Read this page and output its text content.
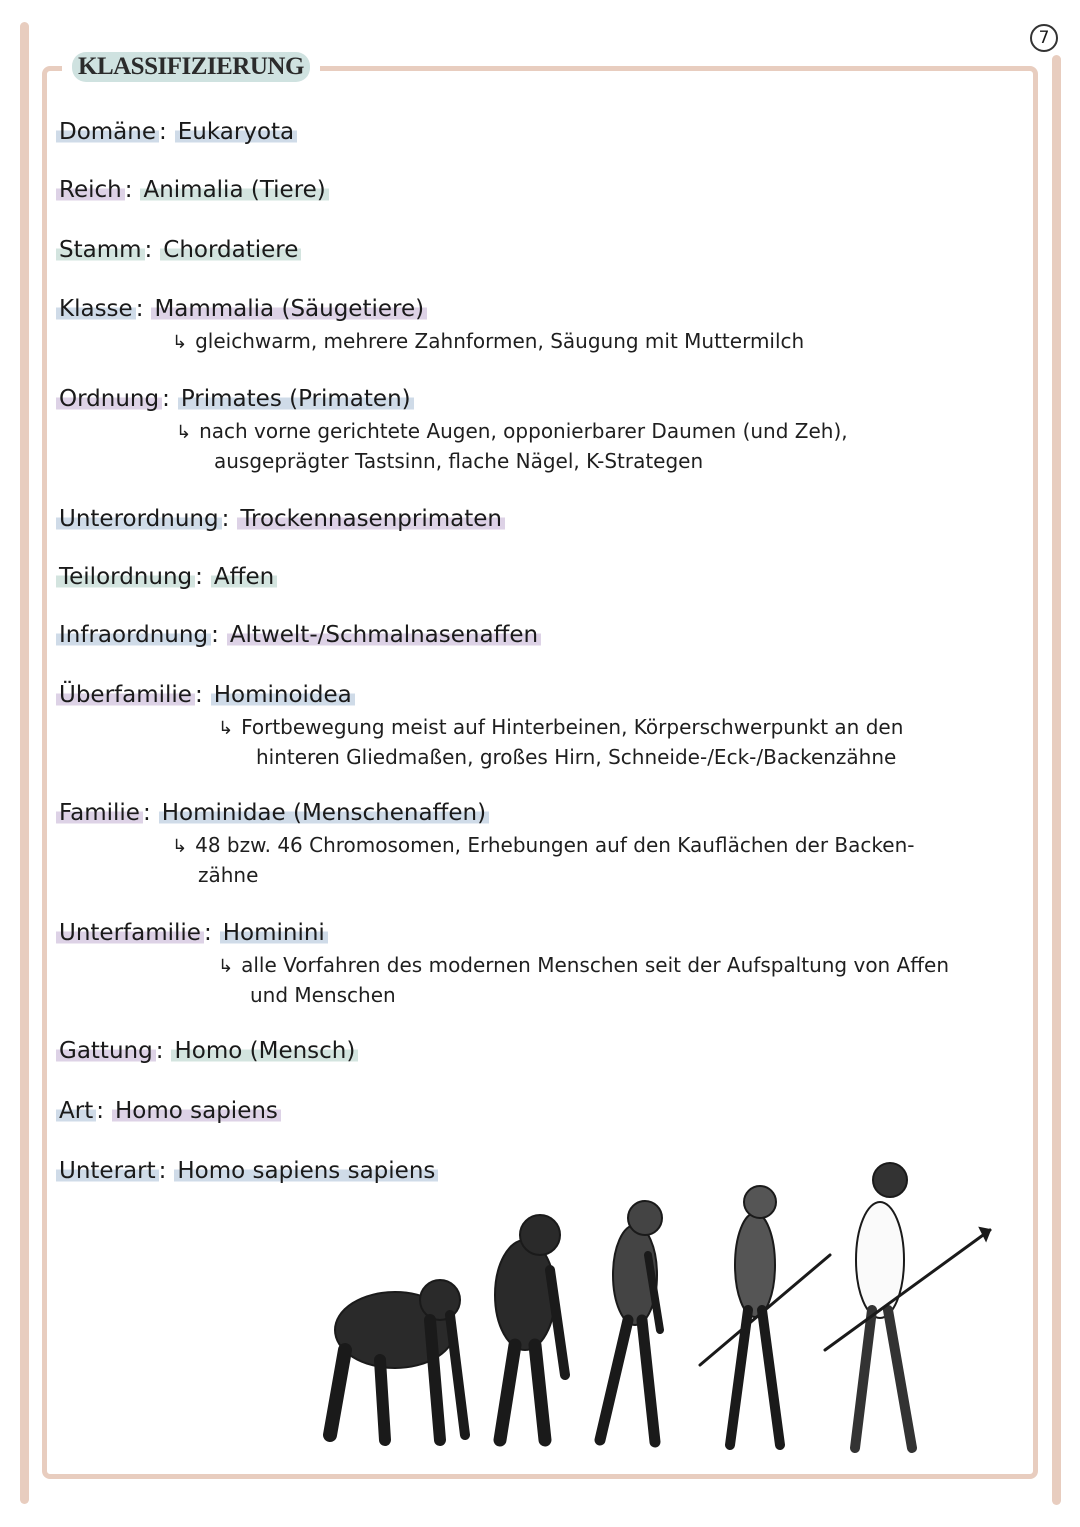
KLASSIFIZIERUNG
7
Domäne : Eukaryota
Reich : Animalia (Tiere)
Stamm : Chordatiere
Klasse : Mammalia (Säugetiere)
↳ gleichwarm, mehrere Zahnformen, Säugung mit Muttermilch
Ordnung : Primates (Primaten)
↳ nach vorne gerichtete Augen, opponierbarer Daumen (und Zeh),
ausgeprägter Tastsinn, flache Nägel, K-Strategen
Unterordnung : Trockennasenprimaten
Teilordnung : Affen
Infraordnung : Altwelt-/Schmalnasenaffen
Überfamilie : Hominoidea
↳ Fortbewegung meist auf Hinterbeinen, Körperschwerpunkt an den
hinteren Gliedmaßen, großes Hirn, Schneide-/Eck-/Backenzähne
Familie : Hominidae (Menschenaffen)
↳ 48 bzw. 46 Chromosomen, Erhebungen auf den Kauflächen der Backen-
zähne
Unterfamilie : Hominini
↳ alle Vorfahren des modernen Menschen seit der Aufspaltung von Affen
und Menschen
Gattung : Homo (Mensch)
Art : Homo sapiens
Unterart : Homo sapiens sapiens
